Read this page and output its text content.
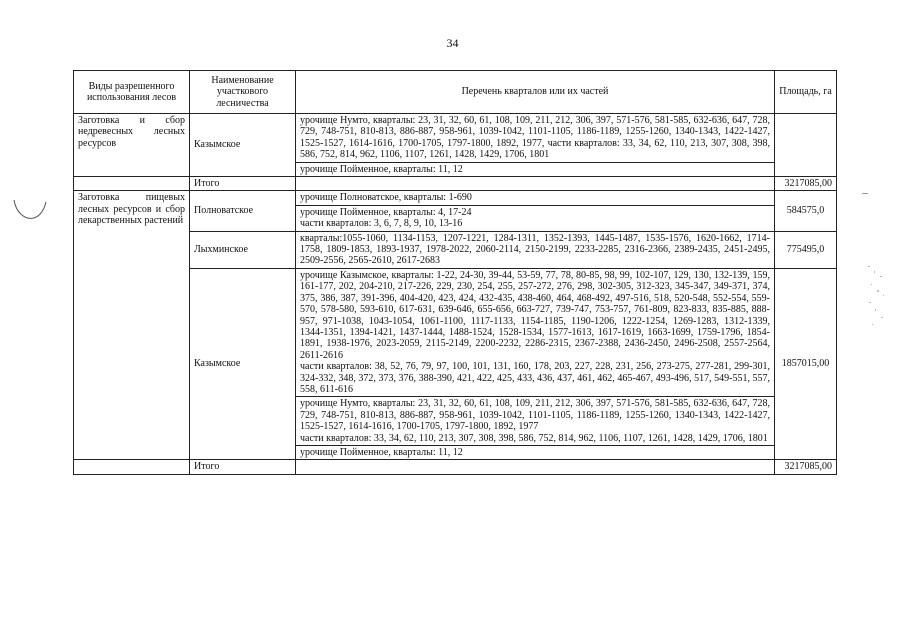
34
Виды разрешенного использования лесов	Наименование участкового лесничества	Перечень кварталов или их частей	Площадь, га
Заготовка и сбор недревесных лесных ресурсов	Казымское	урочище Нумто, кварталы: 23, 31, 32, 60, 61, 108, 109, 211, 212, 306, 397, 571-576, 581-585, 632-636, 647, 728, 729, 748-751, 810-813, 886-887, 958-961, 1039-1042, 1101-1105, 1186-1189, 1255-1260, 1340-1343, 1422-1427, 1525-1527, 1614-1616, 1700-1705, 1797-1800, 1892, 1977, части кварталов: 33, 34, 62, 110, 213, 307, 308, 398, 586, 752, 814, 962, 1106, 1107, 1261, 1428, 1429, 1706, 1801	

		урочище Пойменное, кварталы: 11, 12	
	Итого		3217085,00
Заготовка пищевых лесных ресурсов и сбор лекарственных растений	Полноватское	урочище Полноватское, кварталы: 1-690	584575,0

		урочище Пойменное, кварталы: 4, 17-24
части кварталов: 3, 6, 7, 8, 9, 10, 13-16	

	Лыхминское	кварталы:1055-1060, 1134-1153, 1207-1221, 1284-1311, 1352-1393, 1445-1487, 1535-1576, 1620-1662, 1714-1758, 1809-1853, 1893-1937, 1978-2022, 2060-2114, 2150-2199, 2233-2285, 2316-2366, 2389-2435, 2451-2495, 2509-2556, 2565-2610, 2617-2683	775495,0
	Казымское	урочище Казымское, кварталы: 1-22, 24-30, 39-44, 53-59, 77, 78, 80-85, 98, 99, 102-107, 129, 130, 132-139, 159, 161-177, 202, 204-210, 217-226, 229, 230, 254, 255, 257-272, 276, 298, 302-305, 312-323, 345-347, 349-371, 374, 375, 386, 387, 391-396, 404-420, 423, 424, 432-435, 438-460, 464, 468-492, 497-516, 518, 520-548, 552-554, 559-570, 578-580, 593-610, 617-631, 639-646, 655-656, 663-727, 739-747, 753-757, 761-809, 823-833, 835-885, 888-957, 971-1038, 1043-1054, 1061-1100, 1117-1133, 1154-1185, 1190-1206, 1222-1254, 1269-1283, 1312-1339, 1344-1351, 1394-1421, 1437-1444, 1488-1524, 1528-1534, 1577-1613, 1617-1619, 1663-1699, 1759-1796, 1854-1891, 1938-1976, 2023-2059, 2115-2149, 2200-2232, 2286-2315, 2367-2388, 2436-2450, 2496-2508, 2557-2564, 2611-2616
части кварталов: 38, 52, 76, 79, 97, 100, 101, 131, 160, 178, 203, 227, 228, 231, 256, 273-275, 277-281, 299-301, 324-332, 348, 372, 373, 376, 388-390, 421, 422, 425, 433, 436, 437, 461, 462, 465-467, 493-496, 517, 549-551, 557, 558, 611-616	1857015,00

		урочище Нумто, кварталы: 23, 31, 32, 60, 61, 108, 109, 211, 212, 306, 397, 571-576, 581-585, 632-636, 647, 728, 729, 748-751, 810-813, 886-887, 958-961, 1039-1042, 1101-1105, 1186-1189, 1255-1260, 1340-1343, 1422-1427, 1525-1527, 1614-1616, 1700-1705, 1797-1800, 1892, 1977
части кварталов: 33, 34, 62, 110, 213, 307, 308, 398, 586, 752, 814, 962, 1106, 1107, 1261, 1428, 1429, 1706, 1801	

		урочище Пойменное, кварталы: 11, 12	
	Итого		3217085,00
